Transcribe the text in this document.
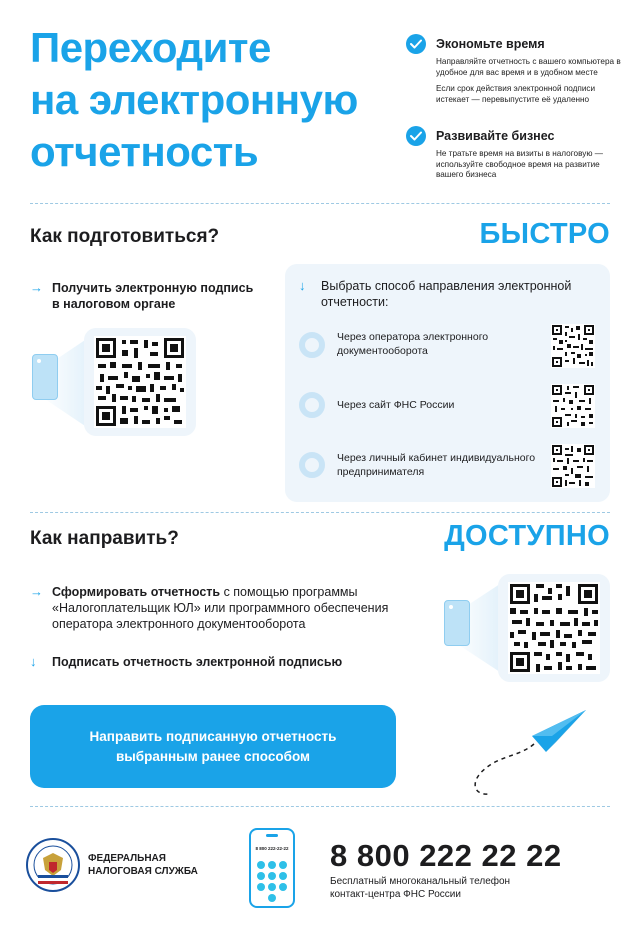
Переходите
на электронную
отчетность
Экономьте время
Направляйте отчетность с вашего компьютера в удобное для вас время и в удобном месте
Если срок действия электронной подписи истекает — перевыпустите её удаленно
Развивайте бизнес
Не тратьте время на визиты в налоговую — используйте свободное время на развитие вашего бизнеса
Как подготовиться?	БЫСТРО
→ Получить электронную подпись в налоговом органе
↓ Выбрать способ направления электронной отчетности:
Через оператора электронного документооборота
Через сайт ФНС России
Через личный кабинет индивидуального предпринимателя
Как направить?	ДОСТУПНО
→ Сформировать отчетность с помощью программы «Налогоплательщик ЮЛ» или программного обеспечения оператора электронного документооборота
↓ Подписать отчетность электронной подписью
Направить подписанную отчетность
выбранным ранее способом
ФЕДЕРАЛЬНАЯ
НАЛОГОВАЯ СЛУЖБА
8 800 222-22-22 8 800 222 22 22
Бесплатный многоканальный телефон
контакт-центра ФНС России
